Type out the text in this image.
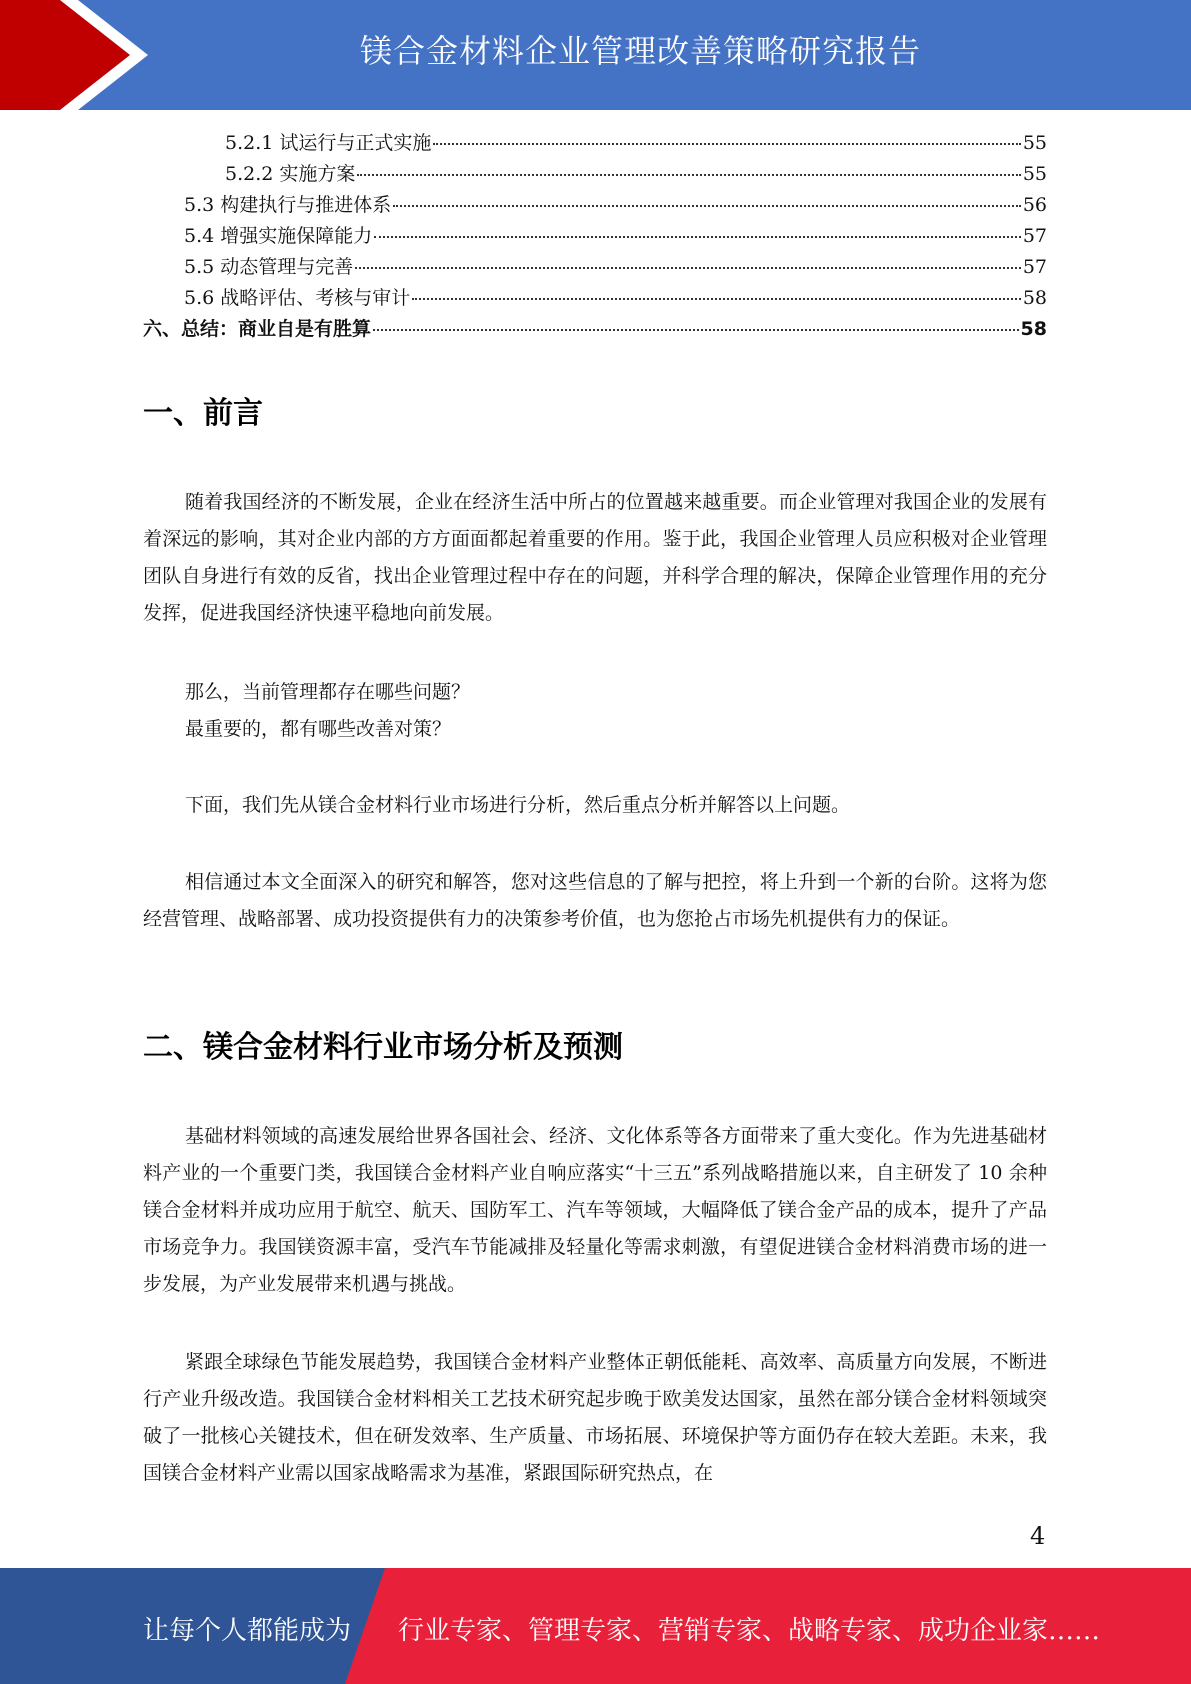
镁合金材料企业管理改善策略研究报告
5.2.1 试运行与正式实施	55
5.2.2 实施方案	55
5.3 构建执行与推进体系	56
5.4 增强实施保障能力	57
5.5 动态管理与完善	57
5.6 战略评估、考核与审计	58
六、总结：商业自是有胜算	58
一、前言
随着我国经济的不断发展，企业在经济生活中所占的位置越来越重要。而企业管理对我国企业的发展有着深远的影响，其对企业内部的方方面面都起着重要的作用。鉴于此，我国企业管理人员应积极对企业管理团队自身进行有效的反省，找出企业管理过程中存在的问题，并科学合理的解决，保障企业管理作用的充分发挥，促进我国经济快速平稳地向前发展。
那么，当前管理都存在哪些问题？
最重要的，都有哪些改善对策？
下面，我们先从镁合金材料行业市场进行分析，然后重点分析并解答以上问题。
相信通过本文全面深入的研究和解答，您对这些信息的了解与把控，将上升到一个新的台阶。这将为您经营管理、战略部署、成功投资提供有力的决策参考价值，也为您抢占市场先机提供有力的保证。
二、镁合金材料行业市场分析及预测
基础材料领域的高速发展给世界各国社会、经济、文化体系等各方面带来了重大变化。作为先进基础材料产业的一个重要门类，我国镁合金材料产业自响应落实“十三五”系列战略措施以来，自主研发了 10 余种镁合金材料并成功应用于航空、航天、国防军工、汽车等领域，大幅降低了镁合金产品的成本，提升了产品市场竞争力。我国镁资源丰富，受汽车节能减排及轻量化等需求刺激，有望促进镁合金材料消费市场的进一步发展，为产业发展带来机遇与挑战。
紧跟全球绿色节能发展趋势，我国镁合金材料产业整体正朝低能耗、高效率、高质量方向发展，不断进行产业升级改造。我国镁合金材料相关工艺技术研究起步晚于欧美发达国家，虽然在部分镁合金材料领域突破了一批核心关键技术，但在研发效率、生产质量、市场拓展、环境保护等方面仍存在较大差距。未来，我国镁合金材料产业需以国家战略需求为基准，紧跟国际研究热点，在
4
让每个人都能成为 行业专家、管理专家、营销专家、战略专家、成功企业家……
